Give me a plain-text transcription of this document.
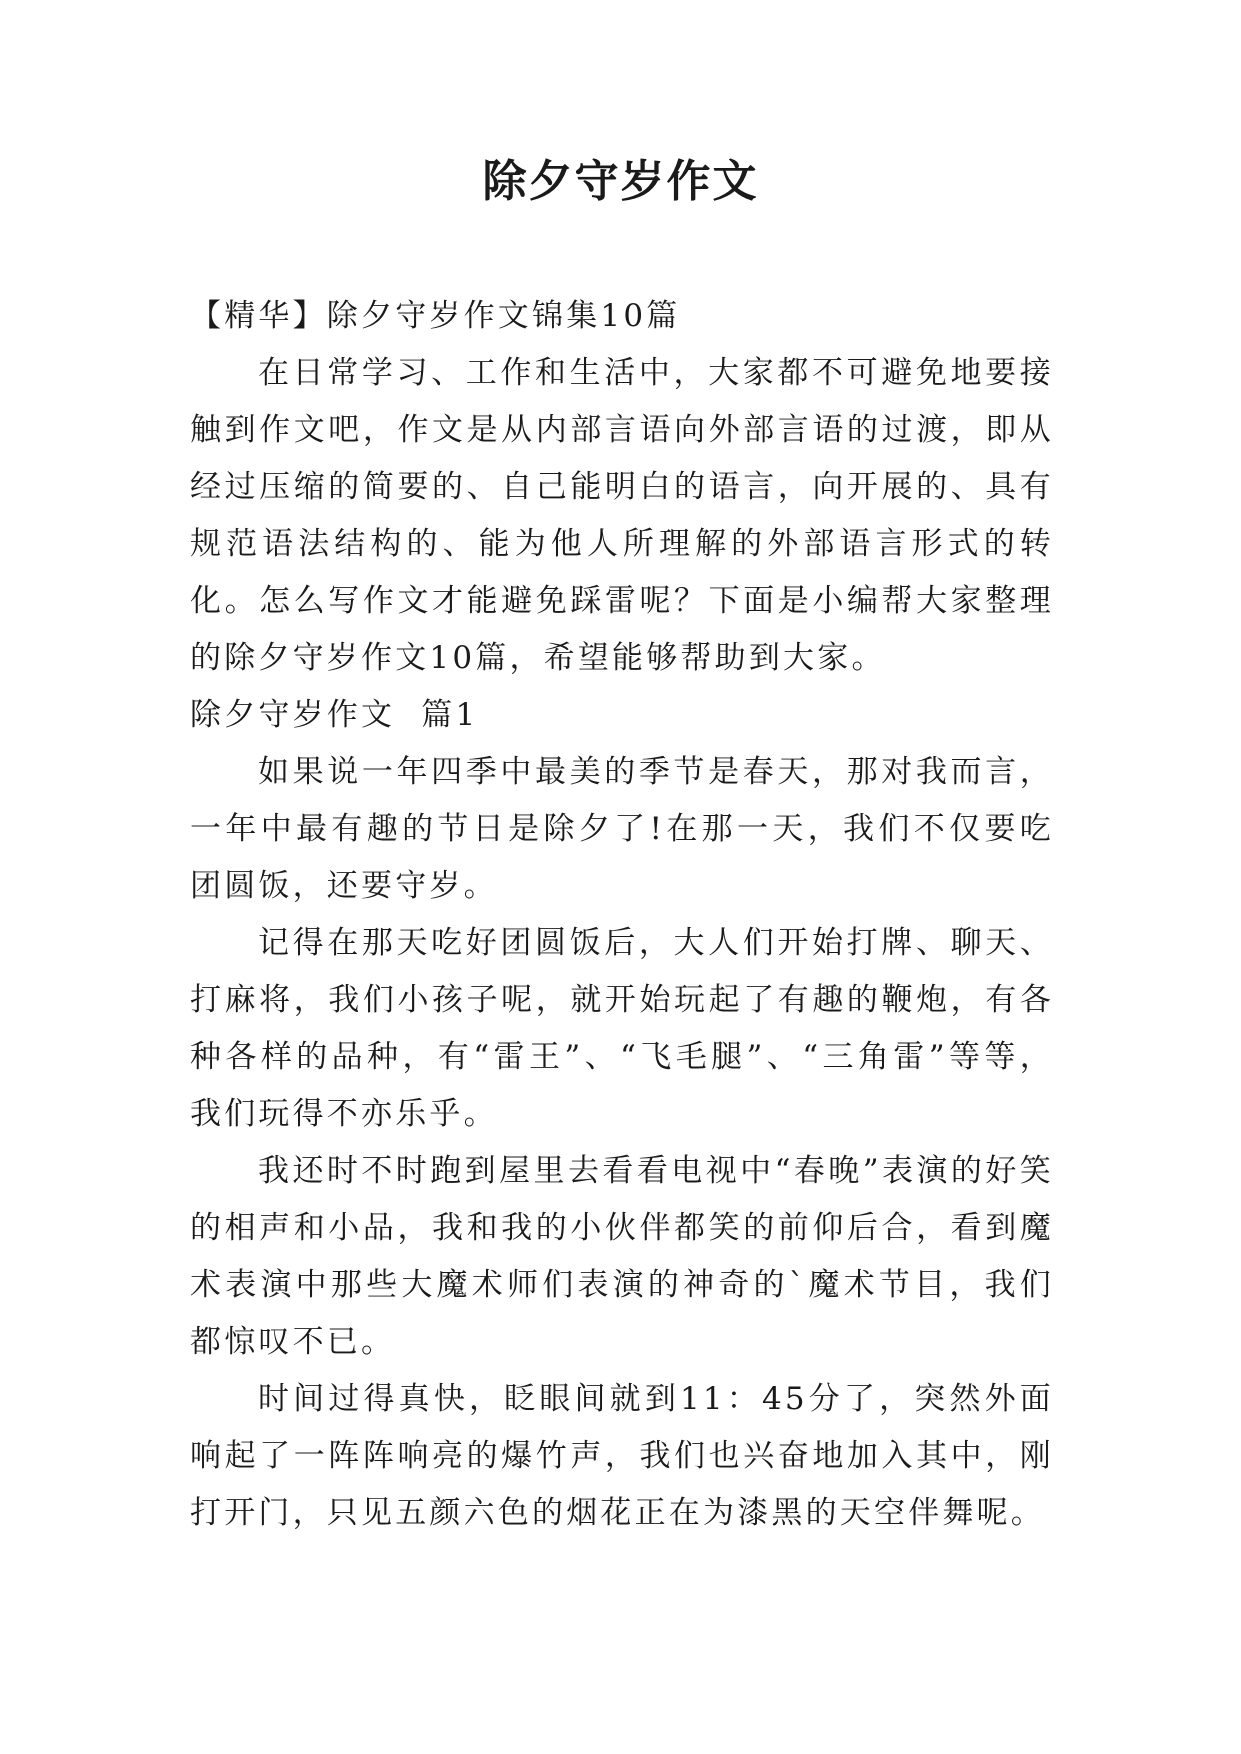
除夕守岁作文

【精华】除夕守岁作文锦集10篇

在日常学习、工作和生活中，大家都不可避免地要接触到作文吧，作文是从内部言语向外部言语的过渡，即从经过压缩的简要的、自己能明白的语言，向开展的、具有规范语法结构的、能为他人所理解的外部语言形式的转化。怎么写作文才能避免踩雷呢？下面是小编帮大家整理的除夕守岁作文10篇，希望能够帮助到大家。

除夕守岁作文  篇1

如果说一年四季中最美的季节是春天，那对我而言，一年中最有趣的节日是除夕了!在那一天，我们不仅要吃团圆饭，还要守岁。

记得在那天吃好团圆饭后，大人们开始打牌、聊天、打麻将，我们小孩子呢，就开始玩起了有趣的鞭炮，有各种各样的品种，有“雷王”、“飞毛腿”、“三角雷”等等，我们玩得不亦乐乎。

我还时不时跑到屋里去看看电视中“春晚”表演的好笑的相声和小品，我和我的小伙伴都笑的前仰后合，看到魔术表演中那些大魔术师们表演的神奇的`魔术节目，我们都惊叹不已。

时间过得真快，眨眼间就到11：45分了，突然外面响起了一阵阵响亮的爆竹声，我们也兴奋地加入其中，刚打开门，只见五颜六色的烟花正在为漆黑的天空伴舞呢。
